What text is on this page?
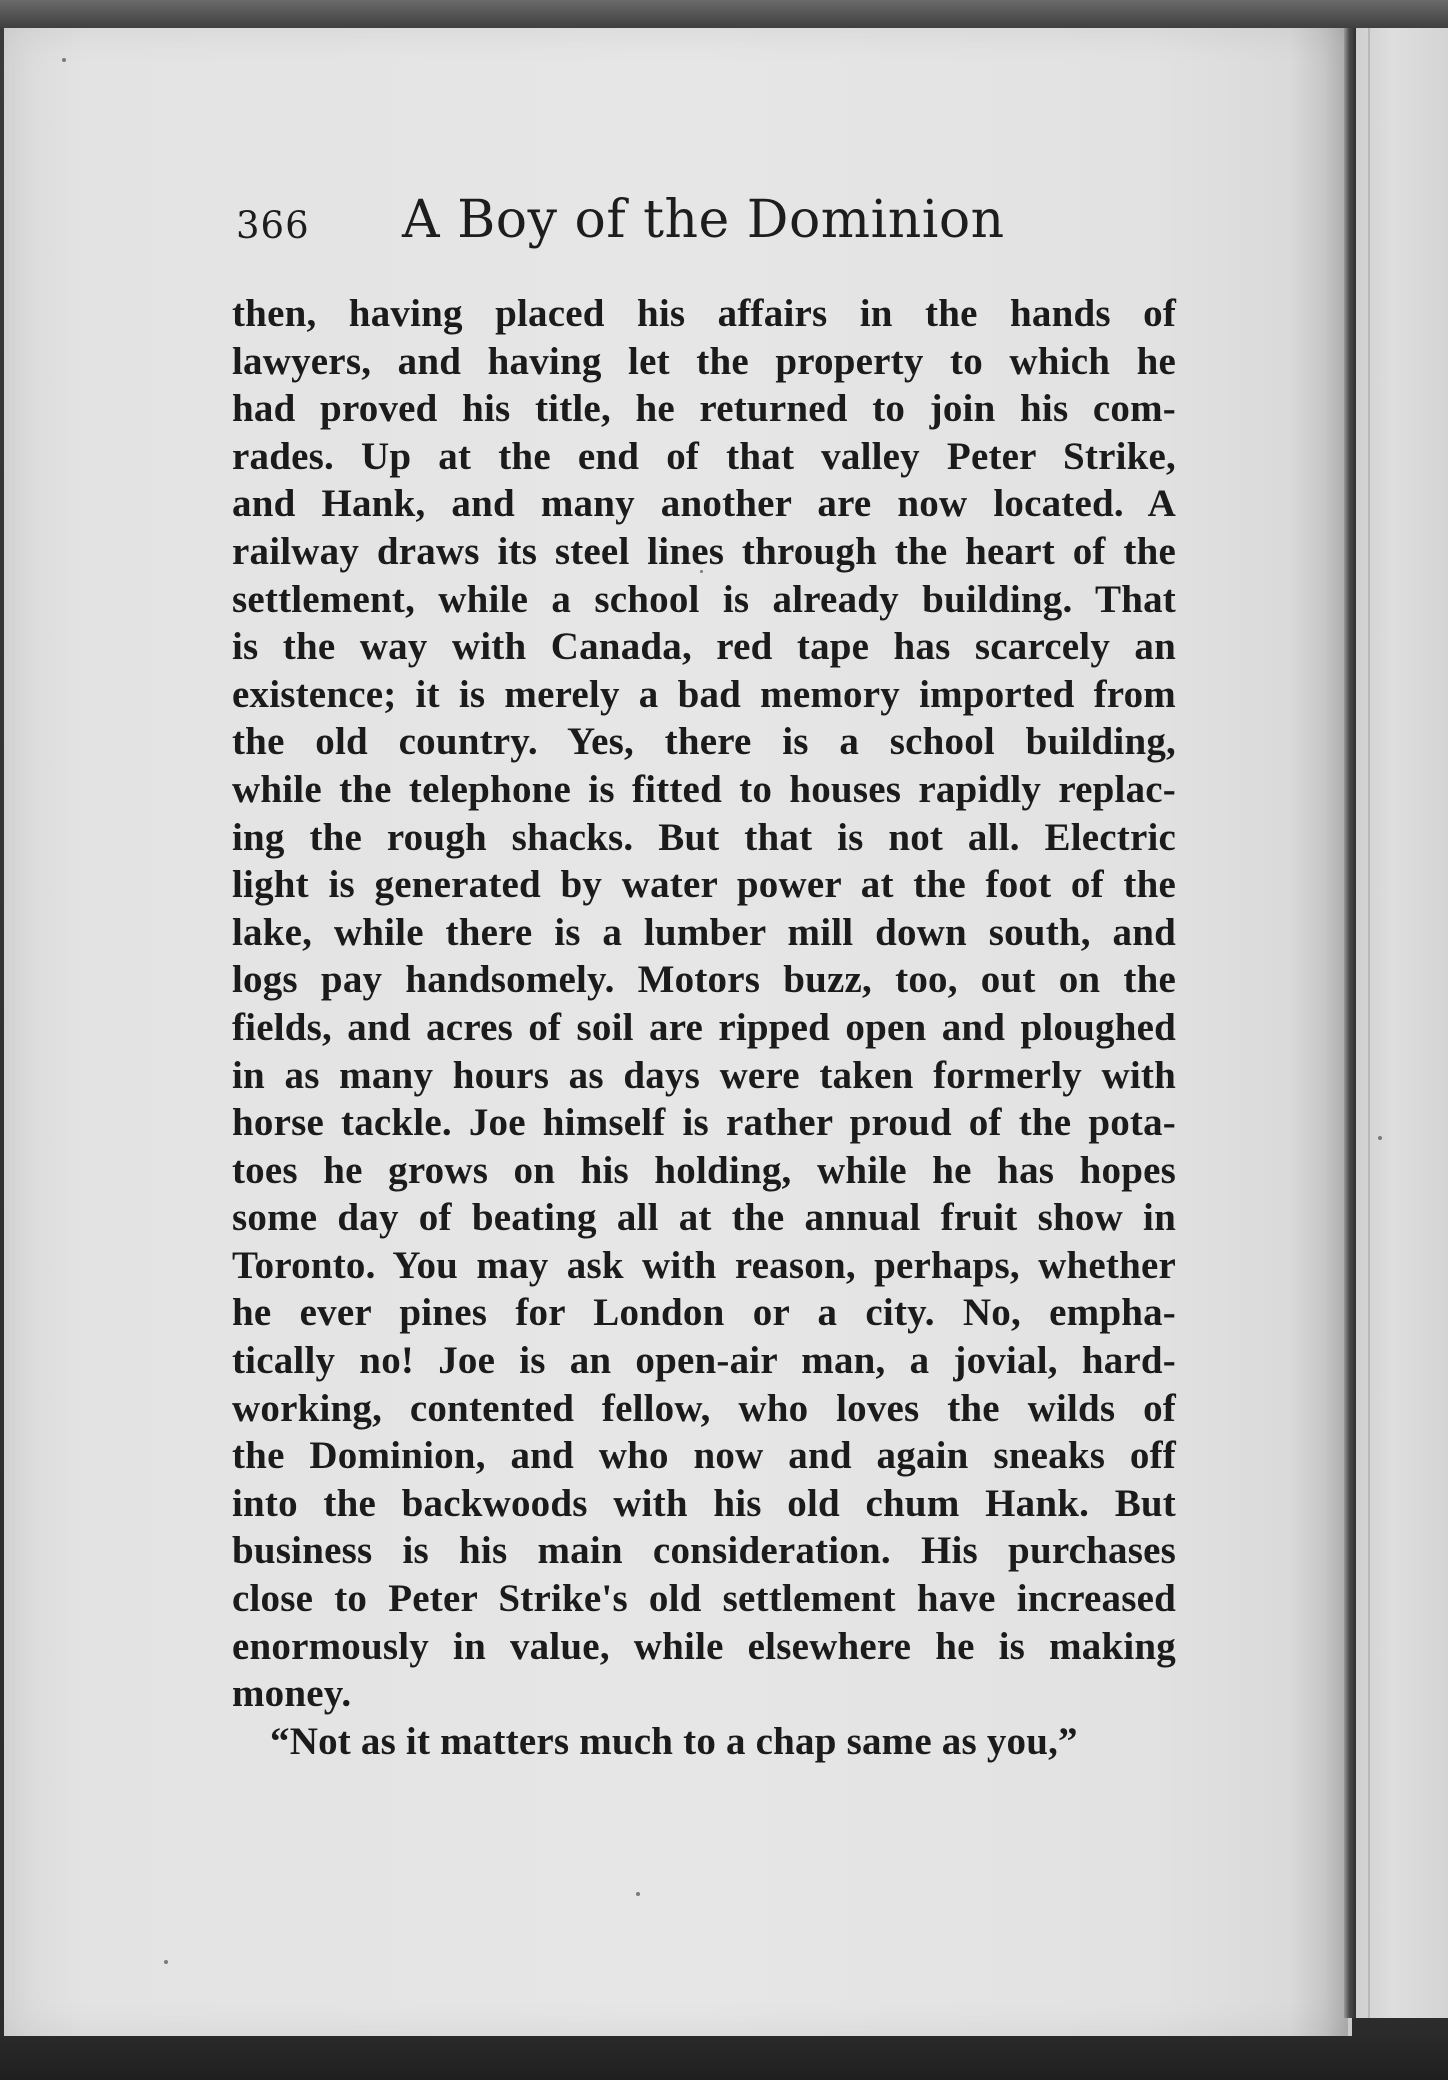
366 A Boy of the Dominion
then, having placed his affairs in the hands of
lawyers, and having let the property to which he
had proved his title, he returned to join his com-
rades. Up at the end of that valley Peter Strike,
and Hank, and many another are now located. A
railway draws its steel lines through the heart of the
settlement, while a school is already building. That
is the way with Canada, red tape has scarcely an
existence; it is merely a bad memory imported from
the old country. Yes, there is a school building,
while the telephone is fitted to houses rapidly replac-
ing the rough shacks. But that is not all. Electric
light is generated by water power at the foot of the
lake, while there is a lumber mill down south, and
logs pay handsomely. Motors buzz, too, out on the
fields, and acres of soil are ripped open and ploughed
in as many hours as days were taken formerly with
horse tackle. Joe himself is rather proud of the pota-
toes he grows on his holding, while he has hopes
some day of beating all at the annual fruit show in
Toronto. You may ask with reason, perhaps, whether
he ever pines for London or a city. No, empha-
tically no! Joe is an open-air man, a jovial, hard-
working, contented fellow, who loves the wilds of
the Dominion, and who now and again sneaks off
into the backwoods with his old chum Hank. But
business is his main consideration. His purchases
close to Peter Strike's old settlement have increased
enormously in value, while elsewhere he is making
money.
“Not as it matters much to a chap same as you,”
